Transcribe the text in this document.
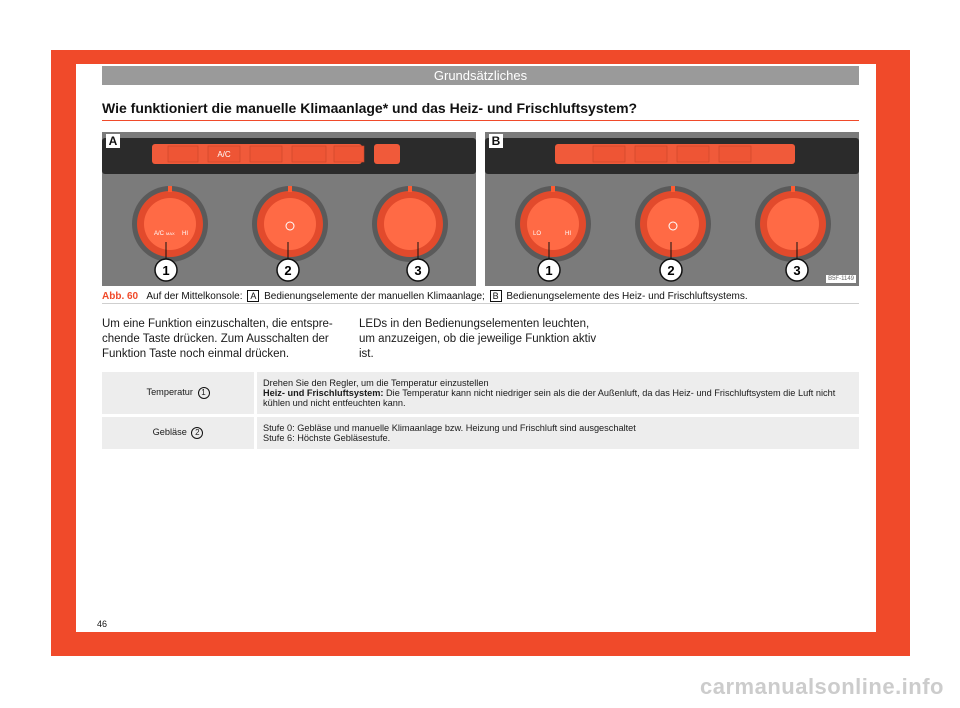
Grundsätzliches
Wie funktioniert die manuelle Klimaanlage* und das Heiz- und Frischluftsystem?
A/C
A/C MAX HI
1	2	3
A
LO	HI
1	2	3
B
B5F-1149
Abb. 60 Auf der Mittelkonsole: A Bedienungselemente der manuellen Klimaanlage; B Bedienungselemente des Heiz- und Frischluftsystems.
Um eine Funktion einzuschalten, die entspre- chende Taste drücken. Zum Ausschalten der Funktion Taste noch einmal drücken.
LEDs in den Bedienungselementen leuchten, um anzuzeigen, ob die jeweilige Funktion aktiv ist.
Temperatur 1	Drehen Sie den Regler, um die Temperatur einzustellen
Heiz- und Frischluftsystem: Die Temperatur kann nicht niedriger sein als die der Außenluft, da das Heiz- und Frischluftsystem die Luft nicht kühlen und nicht entfeuchten kann.

Gebläse 2	Stufe 0: Gebläse und manuelle Klimaanlage bzw. Heizung und Frischluft sind ausgeschaltet
Stufe 6: Höchste Gebläsestufe.
46
carmanualsonline.info
